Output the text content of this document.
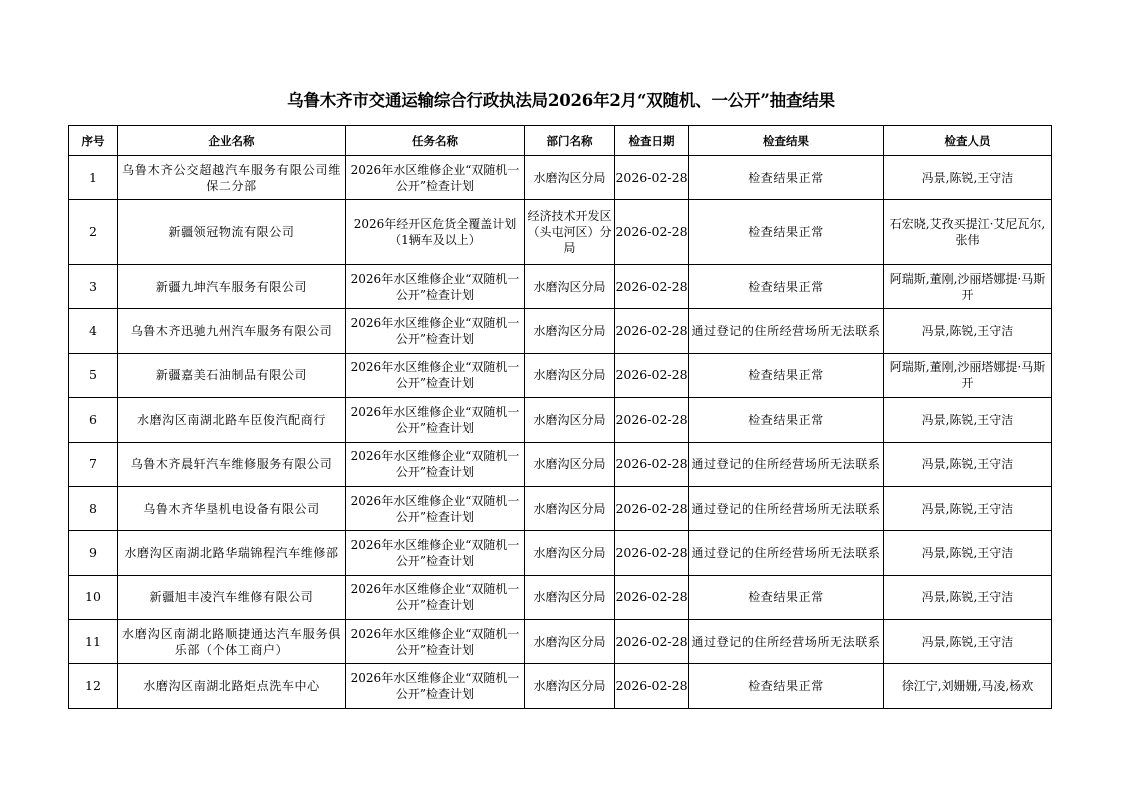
乌鲁木齐市交通运输综合行政执法局2026年2月“双随机、一公开”抽查结果
序号	企业名称	任务名称	部门名称	检查日期	检查结果	检查人员
1	乌鲁木齐公交超越汽车服务有限公司维保二分部	2026年水区维修企业“双随机一公开”检查计划	水磨沟区分局	2026-02-28	检查结果正常	冯景,陈锐,王守洁
2	新疆领冠物流有限公司	2026年经开区危货全覆盖计划（1辆车及以上）	经济技术开发区（头屯河区）分局	2026-02-28	检查结果正常	石宏晓,艾孜买提江·艾尼瓦尔,张伟
3	新疆九坤汽车服务有限公司	2026年水区维修企业“双随机一公开”检查计划	水磨沟区分局	2026-02-28	检查结果正常	阿瑞斯,董刚,沙丽塔娜提·马斯开
4	乌鲁木齐迅驰九州汽车服务有限公司	2026年水区维修企业“双随机一公开”检查计划	水磨沟区分局	2026-02-28	通过登记的住所经营场所无法联系	冯景,陈锐,王守洁
5	新疆嘉美石油制品有限公司	2026年水区维修企业“双随机一公开”检查计划	水磨沟区分局	2026-02-28	检查结果正常	阿瑞斯,董刚,沙丽塔娜提·马斯开
6	水磨沟区南湖北路车臣俊汽配商行	2026年水区维修企业“双随机一公开”检查计划	水磨沟区分局	2026-02-28	检查结果正常	冯景,陈锐,王守洁
7	乌鲁木齐晨轩汽车维修服务有限公司	2026年水区维修企业“双随机一公开”检查计划	水磨沟区分局	2026-02-28	通过登记的住所经营场所无法联系	冯景,陈锐,王守洁
8	乌鲁木齐华垦机电设备有限公司	2026年水区维修企业“双随机一公开”检查计划	水磨沟区分局	2026-02-28	通过登记的住所经营场所无法联系	冯景,陈锐,王守洁
9	水磨沟区南湖北路华瑞锦程汽车维修部	2026年水区维修企业“双随机一公开”检查计划	水磨沟区分局	2026-02-28	通过登记的住所经营场所无法联系	冯景,陈锐,王守洁
10	新疆旭丰凌汽车维修有限公司	2026年水区维修企业“双随机一公开”检查计划	水磨沟区分局	2026-02-28	检查结果正常	冯景,陈锐,王守洁
11	水磨沟区南湖北路顺捷通达汽车服务俱乐部（个体工商户）	2026年水区维修企业“双随机一公开”检查计划	水磨沟区分局	2026-02-28	通过登记的住所经营场所无法联系	冯景,陈锐,王守洁
12	水磨沟区南湖北路炬点洗车中心	2026年水区维修企业“双随机一公开”检查计划	水磨沟区分局	2026-02-28	检查结果正常	徐江宁,刘姗姗,马凌,杨欢
